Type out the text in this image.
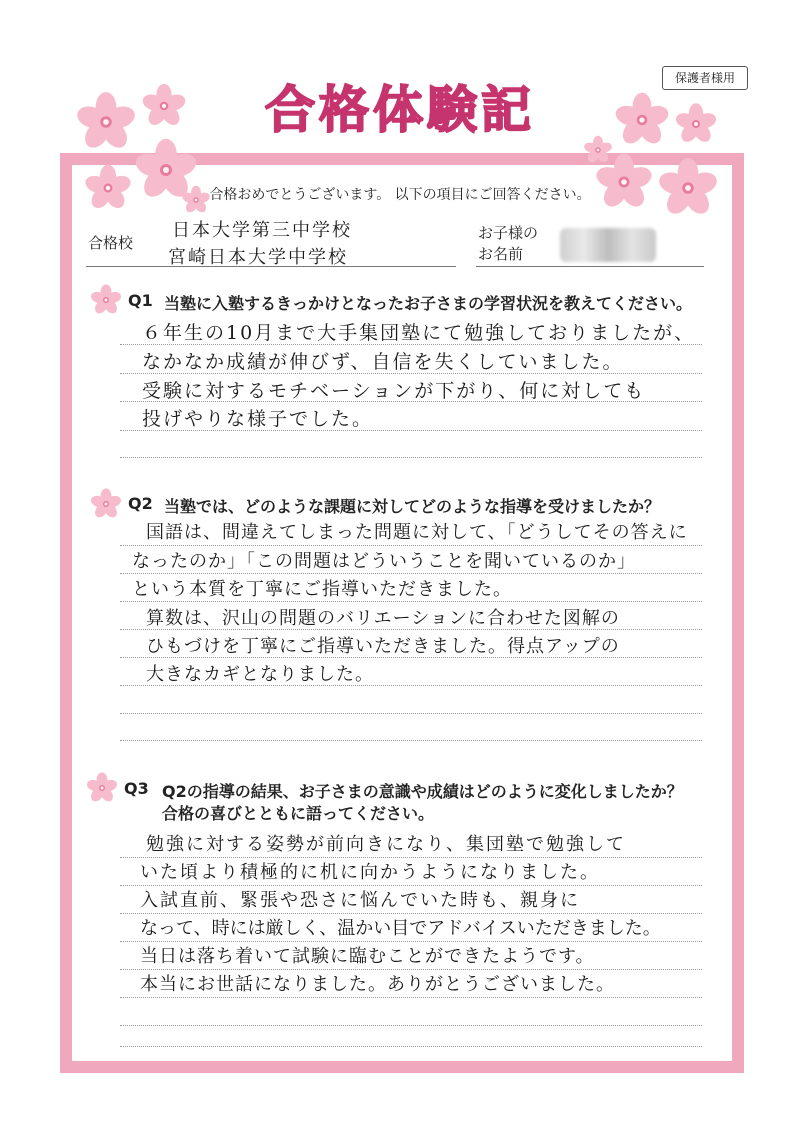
保護者様用
合格体験記
合格おめでとうございます。 以下の項目にご回答ください。
合格校
日本大学第三中学校
宮崎日本大学中学校
お子様の
お名前
Q1 当塾に入塾するきっかけとなったお子さまの学習状況を教えてください。
６年生の10月まで大手集団塾にて勉強しておりましたが、
なかなか成績が伸びず、自信を失くしていました。
受験に対するモチベーションが下がり、何に対しても
投げやりな様子でした。
Q2 当塾では、どのような課題に対してどのような指導を受けましたか？
国語は、間違えてしまった問題に対して、「どうしてその答えに
なったのか」「この問題はどういうことを聞いているのか」
という本質を丁寧にご指導いただきました。
算数は、沢山の問題のバリエーションに合わせた図解の
ひもづけを丁寧にご指導いただきました。得点アップの
大きなカギとなりました。
Q3 Q2の指導の結果、お子さまの意識や成績はどのように変化しましたか？
合格の喜びとともに語ってください。
勉強に対する姿勢が前向きになり、集団塾で勉強して
いた頃より積極的に机に向かうようになりました。
入試直前、緊張や恐さに悩んでいた時も、親身に
なって、時には厳しく、温かい目でアドバイスいただきました。
当日は落ち着いて試験に臨むことができたようです。
本当にお世話になりました。ありがとうございました。
